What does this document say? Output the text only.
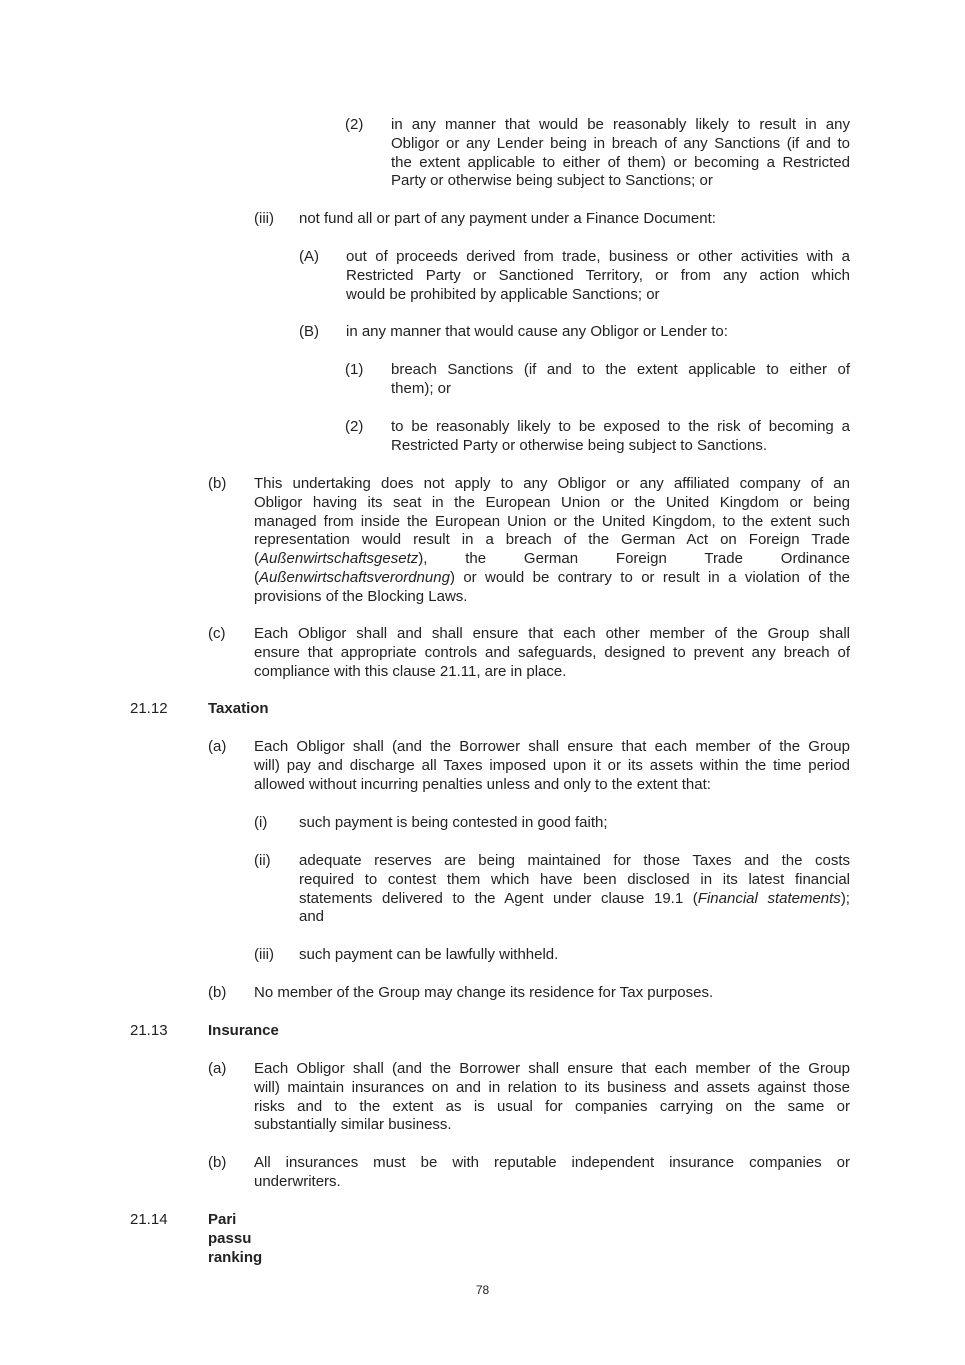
(2) in any manner that would be reasonably likely to result in any
Obligor or any Lender being in breach of any Sanctions (if and to
the extent applicable to either of them) or becoming a Restricted
Party or otherwise being subject to Sanctions; or
(iii) not fund all or part of any payment under a Finance Document:
(A) out of proceeds derived from trade, business or other activities with a
Restricted Party or Sanctioned Territory, or from any action which
would be prohibited by applicable Sanctions; or
(B) in any manner that would cause any Obligor or Lender to:
(1) breach Sanctions (if and to the extent applicable to either of
them); or
(2) to be reasonably likely to be exposed to the risk of becoming a
Restricted Party or otherwise being subject to Sanctions.
(b) This undertaking does not apply to any Obligor or any affiliated company of an
Obligor having its seat in the European Union or the United Kingdom or being
managed from inside the European Union or the United Kingdom, to the extent such
representation would result in a breach of the German Act on Foreign Trade
(Außenwirtschaftsgesetz), the German Foreign Trade Ordinance
(Außenwirtschaftsverordnung) or would be contrary to or result in a violation of the
provisions of the Blocking Laws.
(c) Each Obligor shall and shall ensure that each other member of the Group shall
ensure that appropriate controls and safeguards, designed to prevent any breach of
compliance with this clause 21.11, are in place.
21.12	Taxation
(a) Each Obligor shall (and the Borrower shall ensure that each member of the Group
will) pay and discharge all Taxes imposed upon it or its assets within the time period
allowed without incurring penalties unless and only to the extent that:
(i) such payment is being contested in good faith;
(ii) adequate reserves are being maintained for those Taxes and the costs
required to contest them which have been disclosed in its latest financial
statements delivered to the Agent under clause 19.1 (Financial statements);
and
(iii) such payment can be lawfully withheld.
(b) No member of the Group may change its residence for Tax purposes.
21.13	Insurance
(a) Each Obligor shall (and the Borrower shall ensure that each member of the Group
will) maintain insurances on and in relation to its business and assets against those
risks and to the extent as is usual for companies carrying on the same or
substantially similar business.
(b) All insurances must be with reputable independent insurance companies or
underwriters.
21.14	Pari passu ranking
78
